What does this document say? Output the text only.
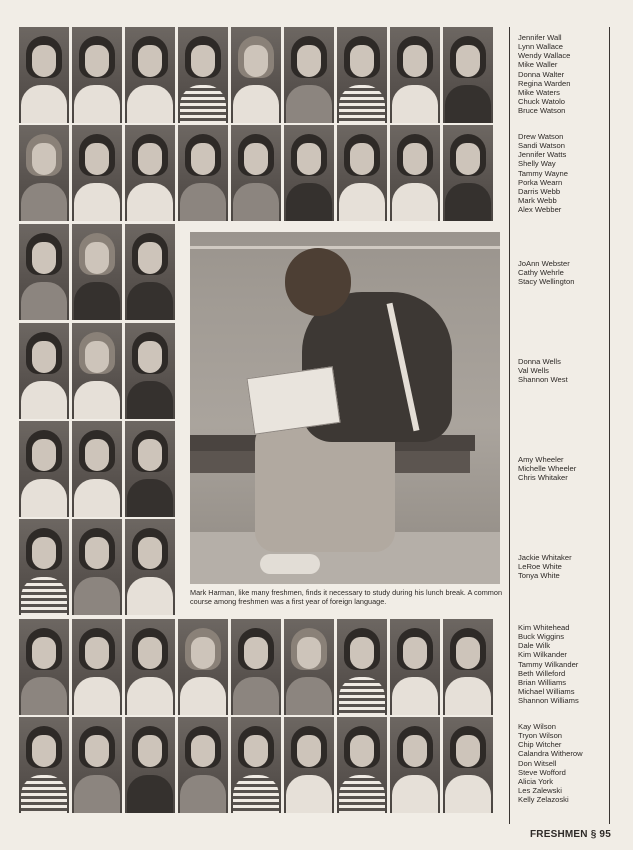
Mark Harman, like many freshmen, finds it necessary to study during his lunch break. A common course among freshmen was a first year of foreign language.
Jennifer Wall
Lynn Wallace
Wendy Wallace
Mike Waller
Donna Walter
Regina Warden
Mike Waters
Chuck Watolo
Bruce Watson
Drew Watson
Sandi Watson
Jennifer Watts
Shelly Way
Tammy Wayne
Porka Wearn
Darris Webb
Mark Webb
Alex Webber
JoAnn Webster
Cathy Wehrle
Stacy Wellington
Donna Wells
Val Wells
Shannon West
Amy Wheeler
Michelle Wheeler
Chris Whitaker
Jackie Whitaker
LeRoe White
Tonya White
Kim Whitehead
Buck Wiggins
Dale Wilk
Kim Wilkander
Tammy Wilkander
Beth Willeford
Brian Williams
Michael Williams
Shannon Williams
Kay Wilson
Tryon Wilson
Chip Witcher
Calandra Witherow
Don Witsell
Steve Wofford
Alicia York
Les Zalewski
Kelly Zelazoski
FRESHMEN § 95
